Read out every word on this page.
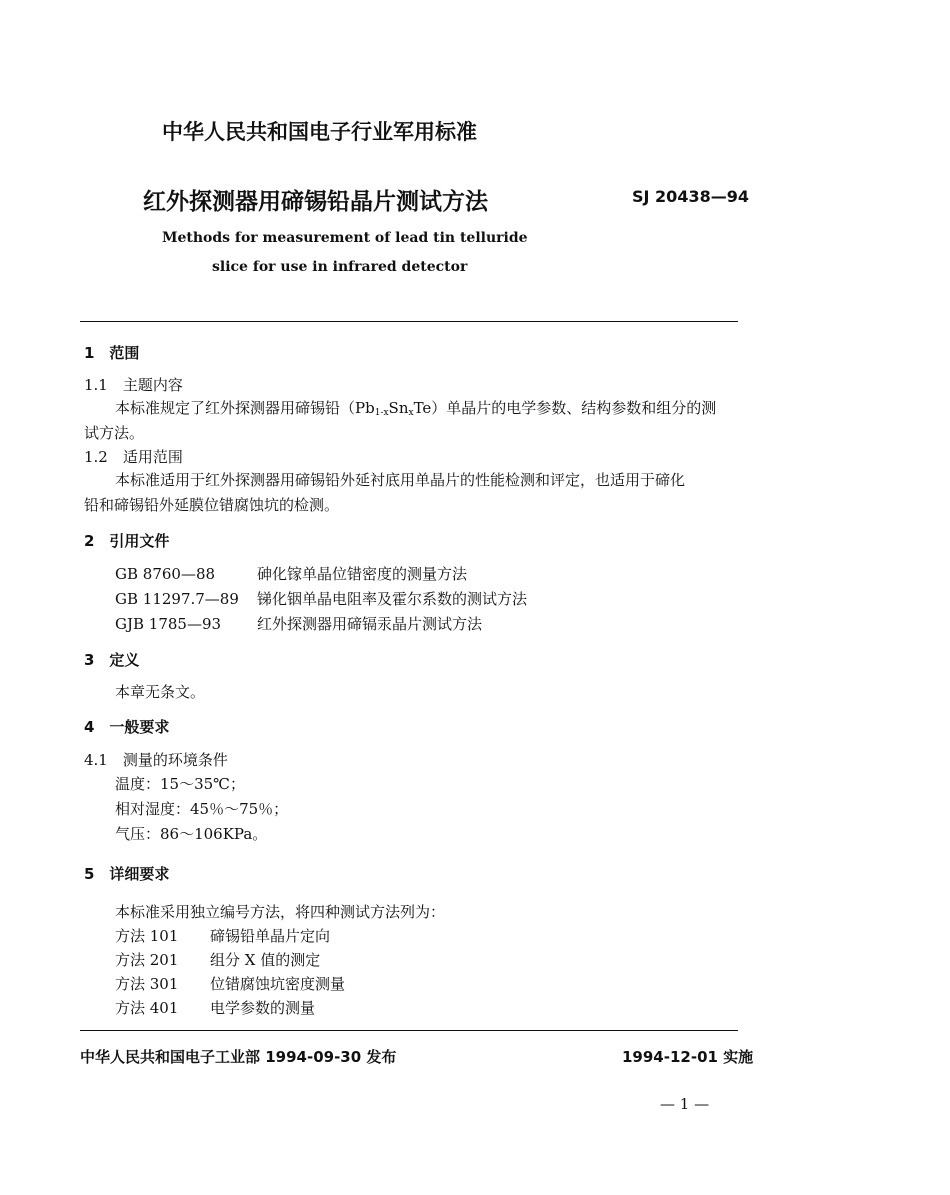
中华人民共和国电子行业军用标准
红外探测器用碲锡铅晶片测试方法	SJ 20438—94
Methods for measurement of lead tin telluride
slice for use in infrared detector
1　范围
1.1　主题内容
本标准规定了红外探测器用碲锡铅$(Pb_{1-x}Sn_xTe)$单晶片的电学参数、结构参数和组分的测
试方法。
1.2　适用范围
本标准适用于红外探测器用碲锡铅外延衬底用单晶片的性能检测和评定，也适用于碲化
铅和碲锡铅外延膜位错腐蚀坑的检测。
2　引用文件
GB 8760—88	砷化镓单晶位错密度的测量方法
GB 11297.7—89 锑化铟单晶电阻率及霍尔系数的测试方法
GJB 1785—93 红外探测器用碲镉汞晶片测试方法
3　定义
本章无条文。
4　一般要求
4.1　测量的环境条件
温度：15～35℃；
相对湿度：45％～75％；
气压：86～106KPa。
5　详细要求
本标准采用独立编号方法，将四种测试方法列为：
方法 101 碲锡铅单晶片定向
方法 201 组分 X 值的测定
方法 301 位错腐蚀坑密度测量
方法 401 电学参数的测量
中华人民共和国电子工业部 1994-09-30 发布	1994-12-01 实施
— 1 —
